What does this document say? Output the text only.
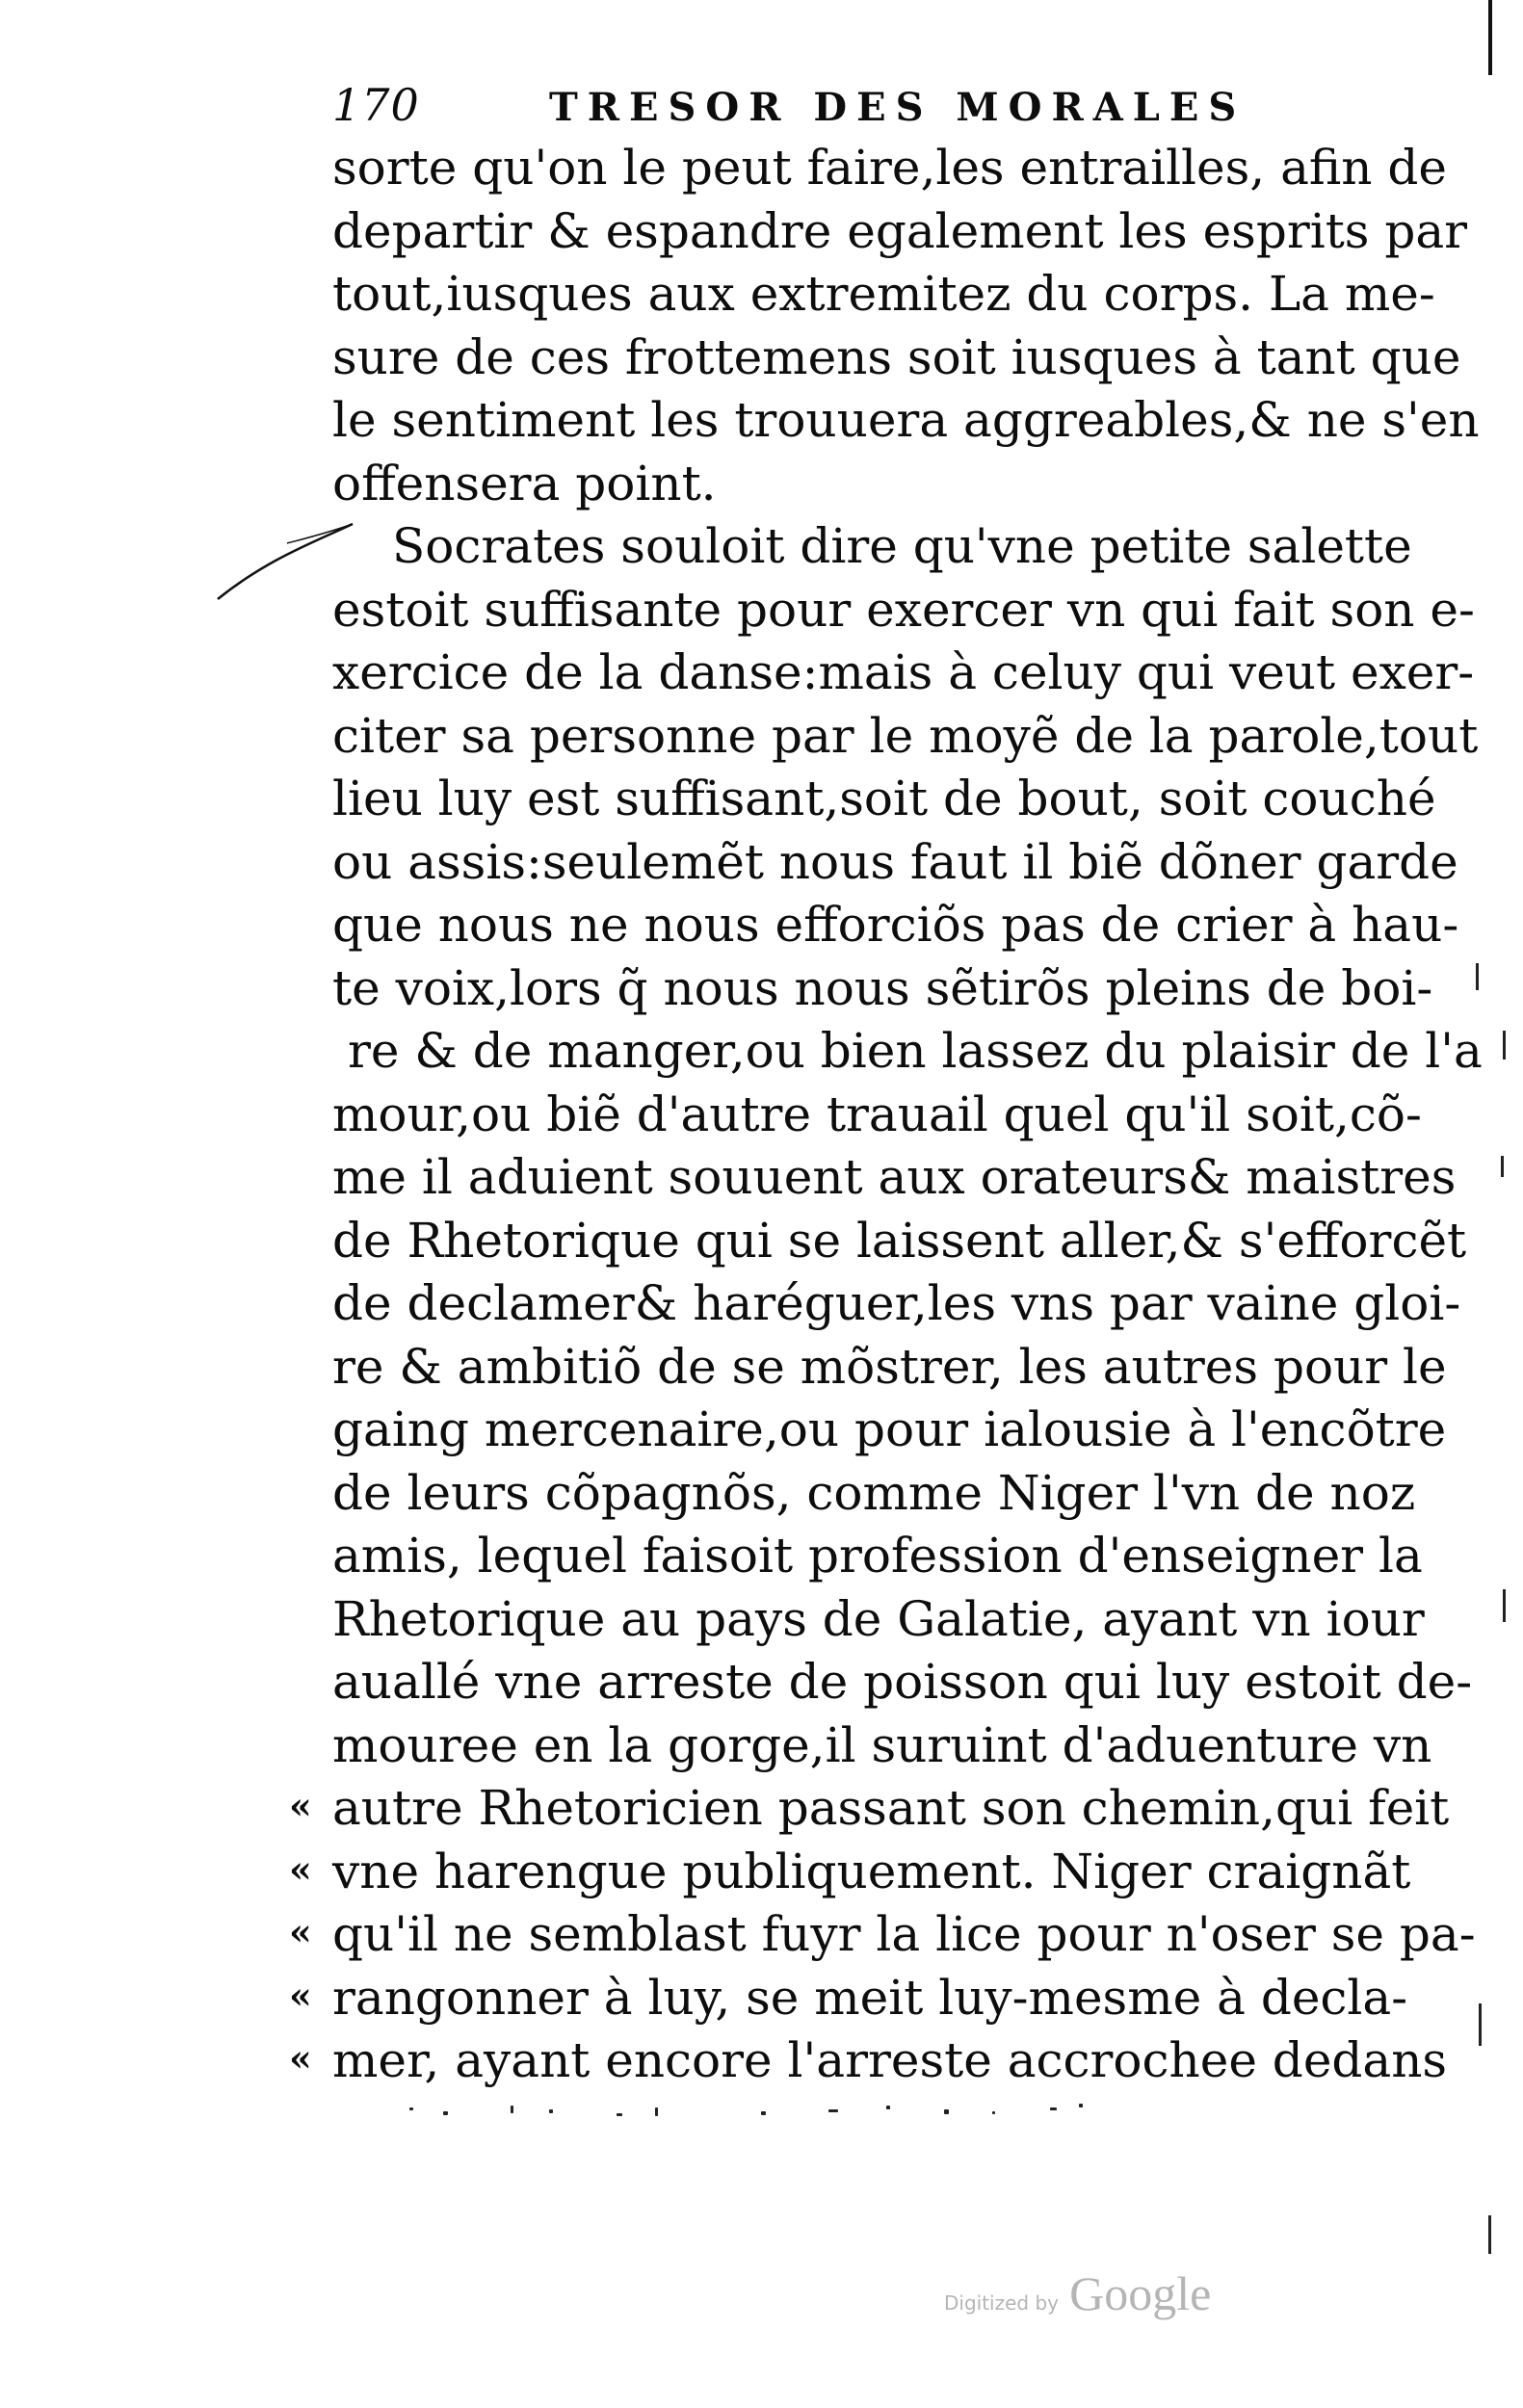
170	TRESOR DES MORALES
sorte qu'on le peut faire,les entrailles, afin de
departir & espandre egalement les esprits par
tout,iusques aux extremitez du corps. La me-
sure de ces frottemens soit iusques à tant que
le sentiment les trouuera aggreables,& ne s'en
offensera point.
Socrates souloit dire qu'vne petite salette
estoit suffisante pour exercer vn qui fait son e-
xercice de la danse:mais à celuy qui veut exer-
citer sa personne par le moyẽ de la parole,tout
lieu luy est suffisant,soit de bout, soit couché
ou assis:seulemẽt nous faut il biẽ dõner garde
que nous ne nous efforciõs pas de crier à hau-
te voix,lors q̃ nous nous sẽtirõs pleins de boi-
re & de manger,ou bien lassez du plaisir de l'a
mour,ou biẽ d'autre trauail quel qu'il soit,cõ-
me il aduient souuent aux orateurs& maistres
de Rhetorique qui se laissent aller,& s'efforcẽt
de declamer& haréguer,les vns par vaine gloi-
re & ambitiõ de se mõstrer, les autres pour le
gaing mercenaire,ou pour ialousie à l'encõtre
de leurs cõpagnõs, comme Niger l'vn de noz
amis, lequel faisoit profession d'enseigner la
Rhetorique au pays de Galatie, ayant vn iour
auallé vne arreste de poisson qui luy estoit de-
mouree en la gorge,il suruint d'aduenture vn
autre Rhetoricien passant son chemin,qui feit
vne harengue publiquement. Niger craignãt
qu'il ne semblast fuyr la lice pour n'oser se pa-
rangonner à luy, se meit luy-mesme à decla-
mer, ayant encore l'arreste accrochee dedans
«
«
«
«
«
Digitized by Google
